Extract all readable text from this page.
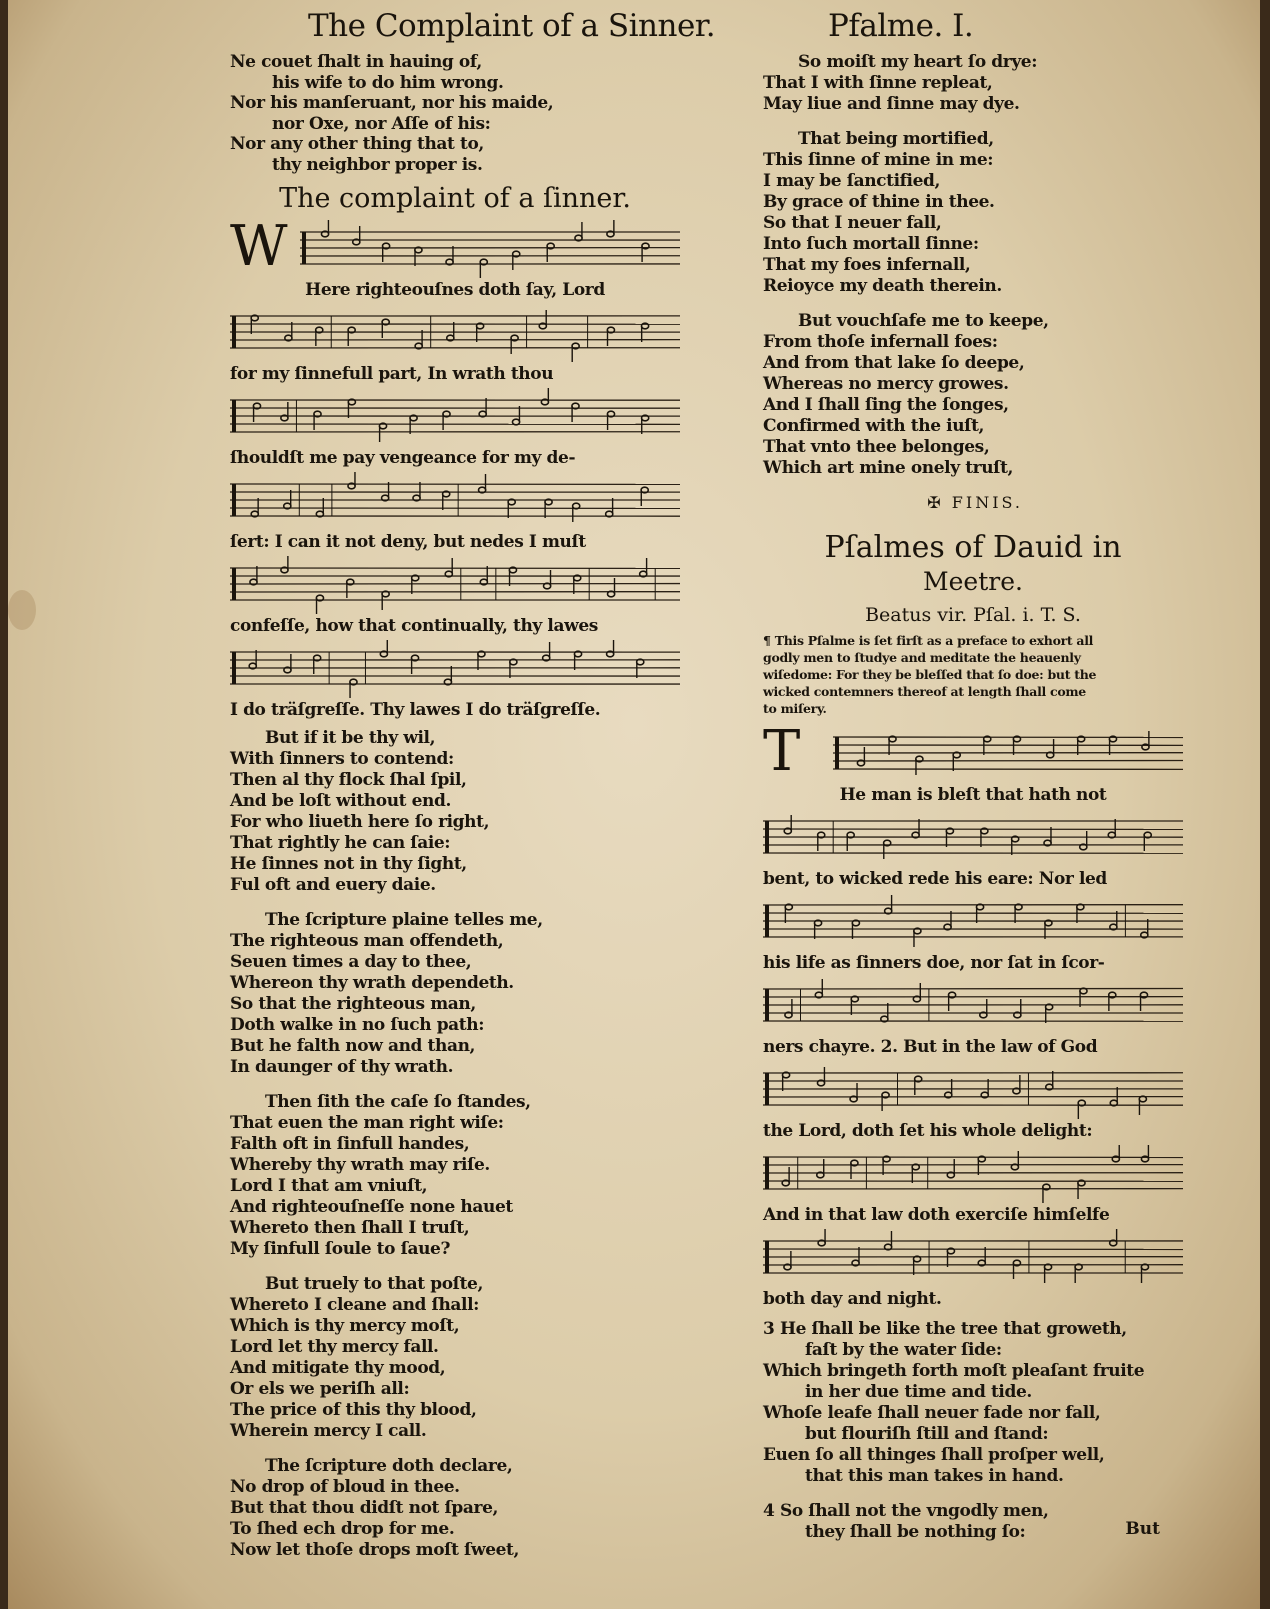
The Complaint of a Sinner.	Pfalme. I.
Ne couet ſhalt in hauing of,
his wife to do him wrong.
Nor his manſeruant, nor his maide,
nor Oxe, nor Aſſe of his:
Nor any other thing that to,
thy neighbor proper is.
The complaint of a ſinner.
W
Here righteouſnes doth ſay, Lord
for my ſinnefull part, In wrath thou
ſhouldſt me pay vengeance for my de-
ſert: I can it not deny, but nedes I muſt
confeſſe, how that continually, thy lawes
I do träſgreſſe. Thy lawes I do träſgreſſe.
But if it be thy wil,
With ſinners to contend:
Then al thy flock ſhal ſpil,
And be loſt without end.
For who liueth here ſo right,
That rightly he can ſaie:
He ſinnes not in thy ſight,
Ful oft and euery daie.
The ſcripture plaine telles me,
The righteous man offendeth,
Seuen times a day to thee,
Whereon thy wrath dependeth.
So that the righteous man,
Doth walke in no ſuch path:
But he falth now and than,
In daunger of thy wrath.
Then ſith the caſe ſo ſtandes,
That euen the man right wiſe:
Falth oft in ſinfull handes,
Whereby thy wrath may riſe.
Lord I that am vniuſt,
And righteouſneſſe none hauet
Whereto then ſhall I truſt,
My ſinfull ſoule to ſaue?
But truely to that poſte,
Whereto I cleane and ſhall:
Which is thy mercy moſt,
Lord let thy mercy fall.
And mitigate thy mood,
Or els we periſh all:
The price of this thy blood,
Wherein mercy I call.
The ſcripture doth declare,
No drop of bloud in thee.
But that thou didſt not ſpare,
To ſhed ech drop for me.
Now let thoſe drops moſt ſweet,
So moiſt my heart ſo drye:
That I with ſinne repleat,
May liue and ſinne may dye.
That being mortified,
This ſinne of mine in me:
I may be ſanctified,
By grace of thine in thee.
So that I neuer fall,
Into ſuch mortall ſinne:
That my foes infernall,
Reioyce my death therein.
But vouchſafe me to keepe,
From thoſe infernall foes:
And from that lake ſo deepe,
Whereas no mercy growes.
And I ſhall ſing the ſonges,
Confirmed with the iuſt,
That vnto thee belonges,
Which art mine onely truſt,
✠ FINIS.
Pſalmes of Dauid in
Meetre.
Beatus vir. Pſal. i. T. S.
¶ This Pſalme is ſet firſt as a preface to exhort all
godly men to ſtudye and meditate the heauenly
wiſedome: For they be bleſſed that ſo doe: but the
wicked contemners thereof at length ſhall come
to miſery.
T
He man is bleſt that hath not
bent, to wicked rede his eare: Nor led
his life as ſinners doe, nor ſat in ſcor-
ners chayre. 2. But in the law of God
the Lord, doth ſet his whole delight:
And in that law doth exerciſe himſelfe
both day and night.
3 He ſhall be like the tree that groweth,
faſt by the water ſide:
Which bringeth forth moſt pleaſant fruite
in her due time and tide.
Whoſe leafe ſhall neuer fade nor fall,
but flouriſh ſtill and ſtand:
Euen ſo all thinges ſhall proſper well,
that this man takes in hand.
4 So ſhall not the vngodly men,
they ſhall be nothing ſo:	But
